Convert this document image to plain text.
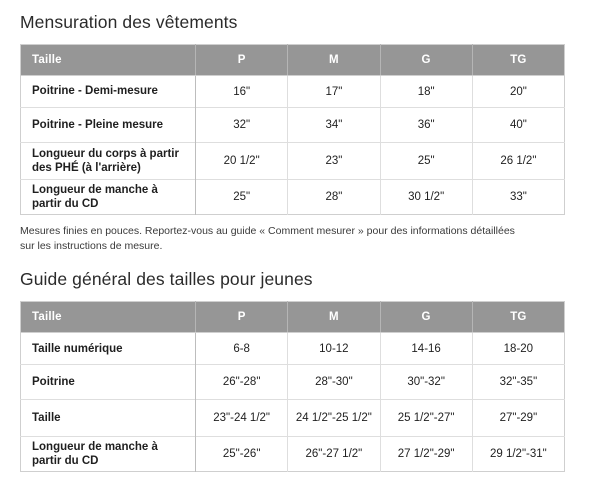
Mensuration des vêtements
Taille	P	M	G	TG
Poitrine - Demi-mesure	16"	17"	18"	20"
Poitrine - Pleine mesure	32"	34"	36"	40"
Longueur du corps à partir des PHÉ (à l'arrière)	20 1/2"	23"	25"	26 1/2"
Longueur de manche à partir du CD	25"	28"	30 1/2"	33"
Mesures finies en pouces. Reportez-vous au guide « Comment mesurer » pour des informations détaillées
sur les instructions de mesure.
Guide général des tailles pour jeunes
Taille	P	M	G	TG
Taille numérique	6-8	10-12	14-16	18-20
Poitrine	26"-28"	28"-30"	30"-32"	32"-35"
Taille	23"-24 1/2"	24 1/2"-25 1/2"	25 1/2"-27"	27"-29"
Longueur de manche à partir du CD	25"-26"	26"-27 1/2"	27 1/2"-29"	29 1/2"-31"
